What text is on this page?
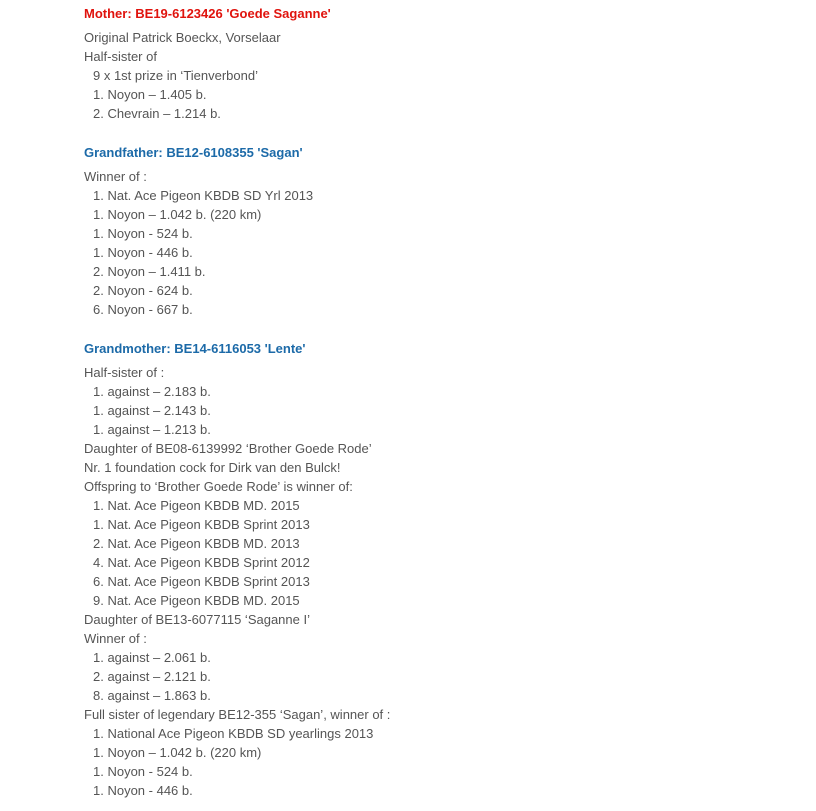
Mother: BE19-6123426 'Goede Saganne'
Original Patrick Boeckx, Vorselaar
Half-sister of
9 x 1st prize in ‘Tienverbond’
1. Noyon – 1.405 b.
2. Chevrain – 1.214 b.
Grandfather: BE12-6108355 'Sagan'
Winner of :
1. Nat. Ace Pigeon KBDB SD Yrl 2013
1. Noyon – 1.042 b. (220 km)
1. Noyon - 524 b.
1. Noyon - 446 b.
2. Noyon – 1.411 b.
2. Noyon - 624 b.
6. Noyon - 667 b.
Grandmother: BE14-6116053 'Lente'
Half-sister of :
1. against – 2.183 b.
1. against – 2.143 b.
1. against – 1.213 b.
Daughter of BE08-6139992 ‘Brother Goede Rode’
Nr. 1 foundation cock for Dirk van den Bulck!
Offspring to ‘Brother Goede Rode’ is winner of:
1. Nat. Ace Pigeon KBDB MD. 2015
1. Nat. Ace Pigeon KBDB Sprint 2013
2. Nat. Ace Pigeon KBDB MD. 2013
4. Nat. Ace Pigeon KBDB Sprint 2012
6. Nat. Ace Pigeon KBDB Sprint 2013
9. Nat. Ace Pigeon KBDB MD. 2015
Daughter of BE13-6077115 ‘Saganne I’
Winner of :
1. against – 2.061 b.
2. against – 2.121 b.
8. against – 1.863 b.
Full sister of legendary BE12-355 ‘Sagan’, winner of :
1. National Ace Pigeon KBDB SD yearlings 2013
1. Noyon – 1.042 b. (220 km)
1. Noyon - 524 b.
1. Noyon - 446 b.
